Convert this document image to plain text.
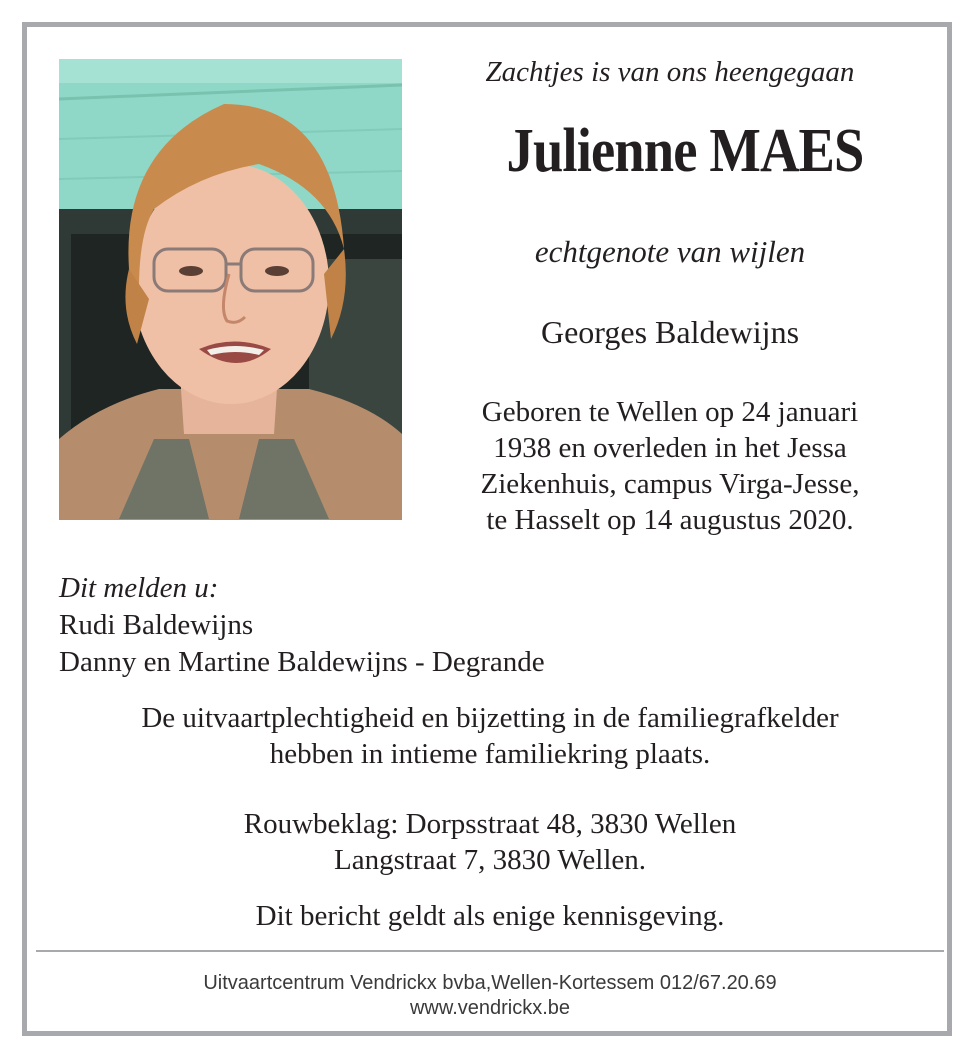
Zachtjes is van ons heengegaan
Julienne MAES
echtgenote van wijlen
Georges Baldewijns
Geboren te Wellen op 24 januari
1938 en overleden in het Jessa
Ziekenhuis, campus Virga-Jesse,
te Hasselt op 14 augustus 2020.
Dit melden u:
Rudi Baldewijns
Danny en Martine Baldewijns - Degrande
De uitvaartplechtigheid en bijzetting in de familiegrafkelder
hebben in intieme familiekring plaats.
Rouwbeklag: Dorpsstraat 48, 3830 Wellen
Langstraat 7, 3830 Wellen.
Dit bericht geldt als enige kennisgeving.
Uitvaartcentrum Vendrickx bvba,Wellen-Kortessem 012/67.20.69
www.vendrickx.be
